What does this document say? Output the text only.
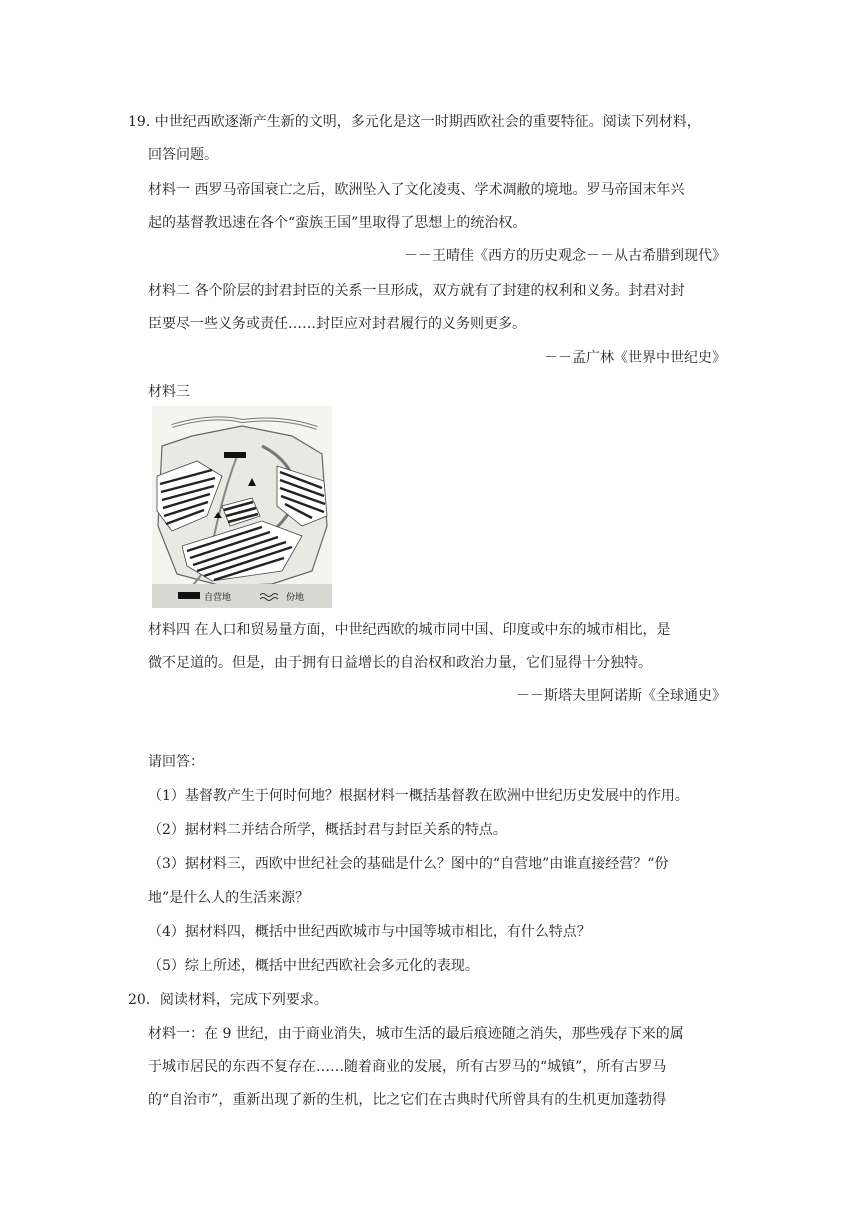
19. 中世纪西欧逐渐产生新的文明，多元化是这一时期西欧社会的重要特征。阅读下列材料，
回答问题。
材料一 西罗马帝国衰亡之后，欧洲坠入了文化凌夷、学术凋敝的境地。罗马帝国末年兴
起的基督教迅速在各个“蛮族王国”里取得了思想上的统治权。
－－王晴佳《西方的历史观念－－从古希腊到现代》
材料二 各个阶层的封君封臣的关系一旦形成，双方就有了封建的权利和义务。封君对封
臣要尽一些义务或责任……封臣应对封君履行的义务则更多。
－－孟广林《世界中世纪史》
材料三
自营地	份地
材料四 在人口和贸易量方面，中世纪西欧的城市同中国、印度或中东的城市相比，是
微不足道的。但是，由于拥有日益增长的自治权和政治力量，它们显得十分独特。
－－斯塔夫里阿诺斯《全球通史》
请回答：
（1）基督教产生于何时何地？根据材料一概括基督教在欧洲中世纪历史发展中的作用。
（2）据材料二并结合所学，概括封君与封臣关系的特点。
（3）据材料三，西欧中世纪社会的基础是什么？图中的“自营地”由谁直接经营？“份
地”是什么人的生活来源？
（4）据材料四，概括中世纪西欧城市与中国等城市相比，有什么特点？
（5）综上所述，概括中世纪西欧社会多元化的表现。
20．阅读材料，完成下列要求。
材料一：在 9 世纪，由于商业消失，城市生活的最后痕迹随之消失，那些残存下来的属
于城市居民的东西不复存在……随着商业的发展，所有古罗马的“城镇”，所有古罗马
的“自治市”，重新出现了新的生机，比之它们在古典时代所曾具有的生机更加蓬勃得
